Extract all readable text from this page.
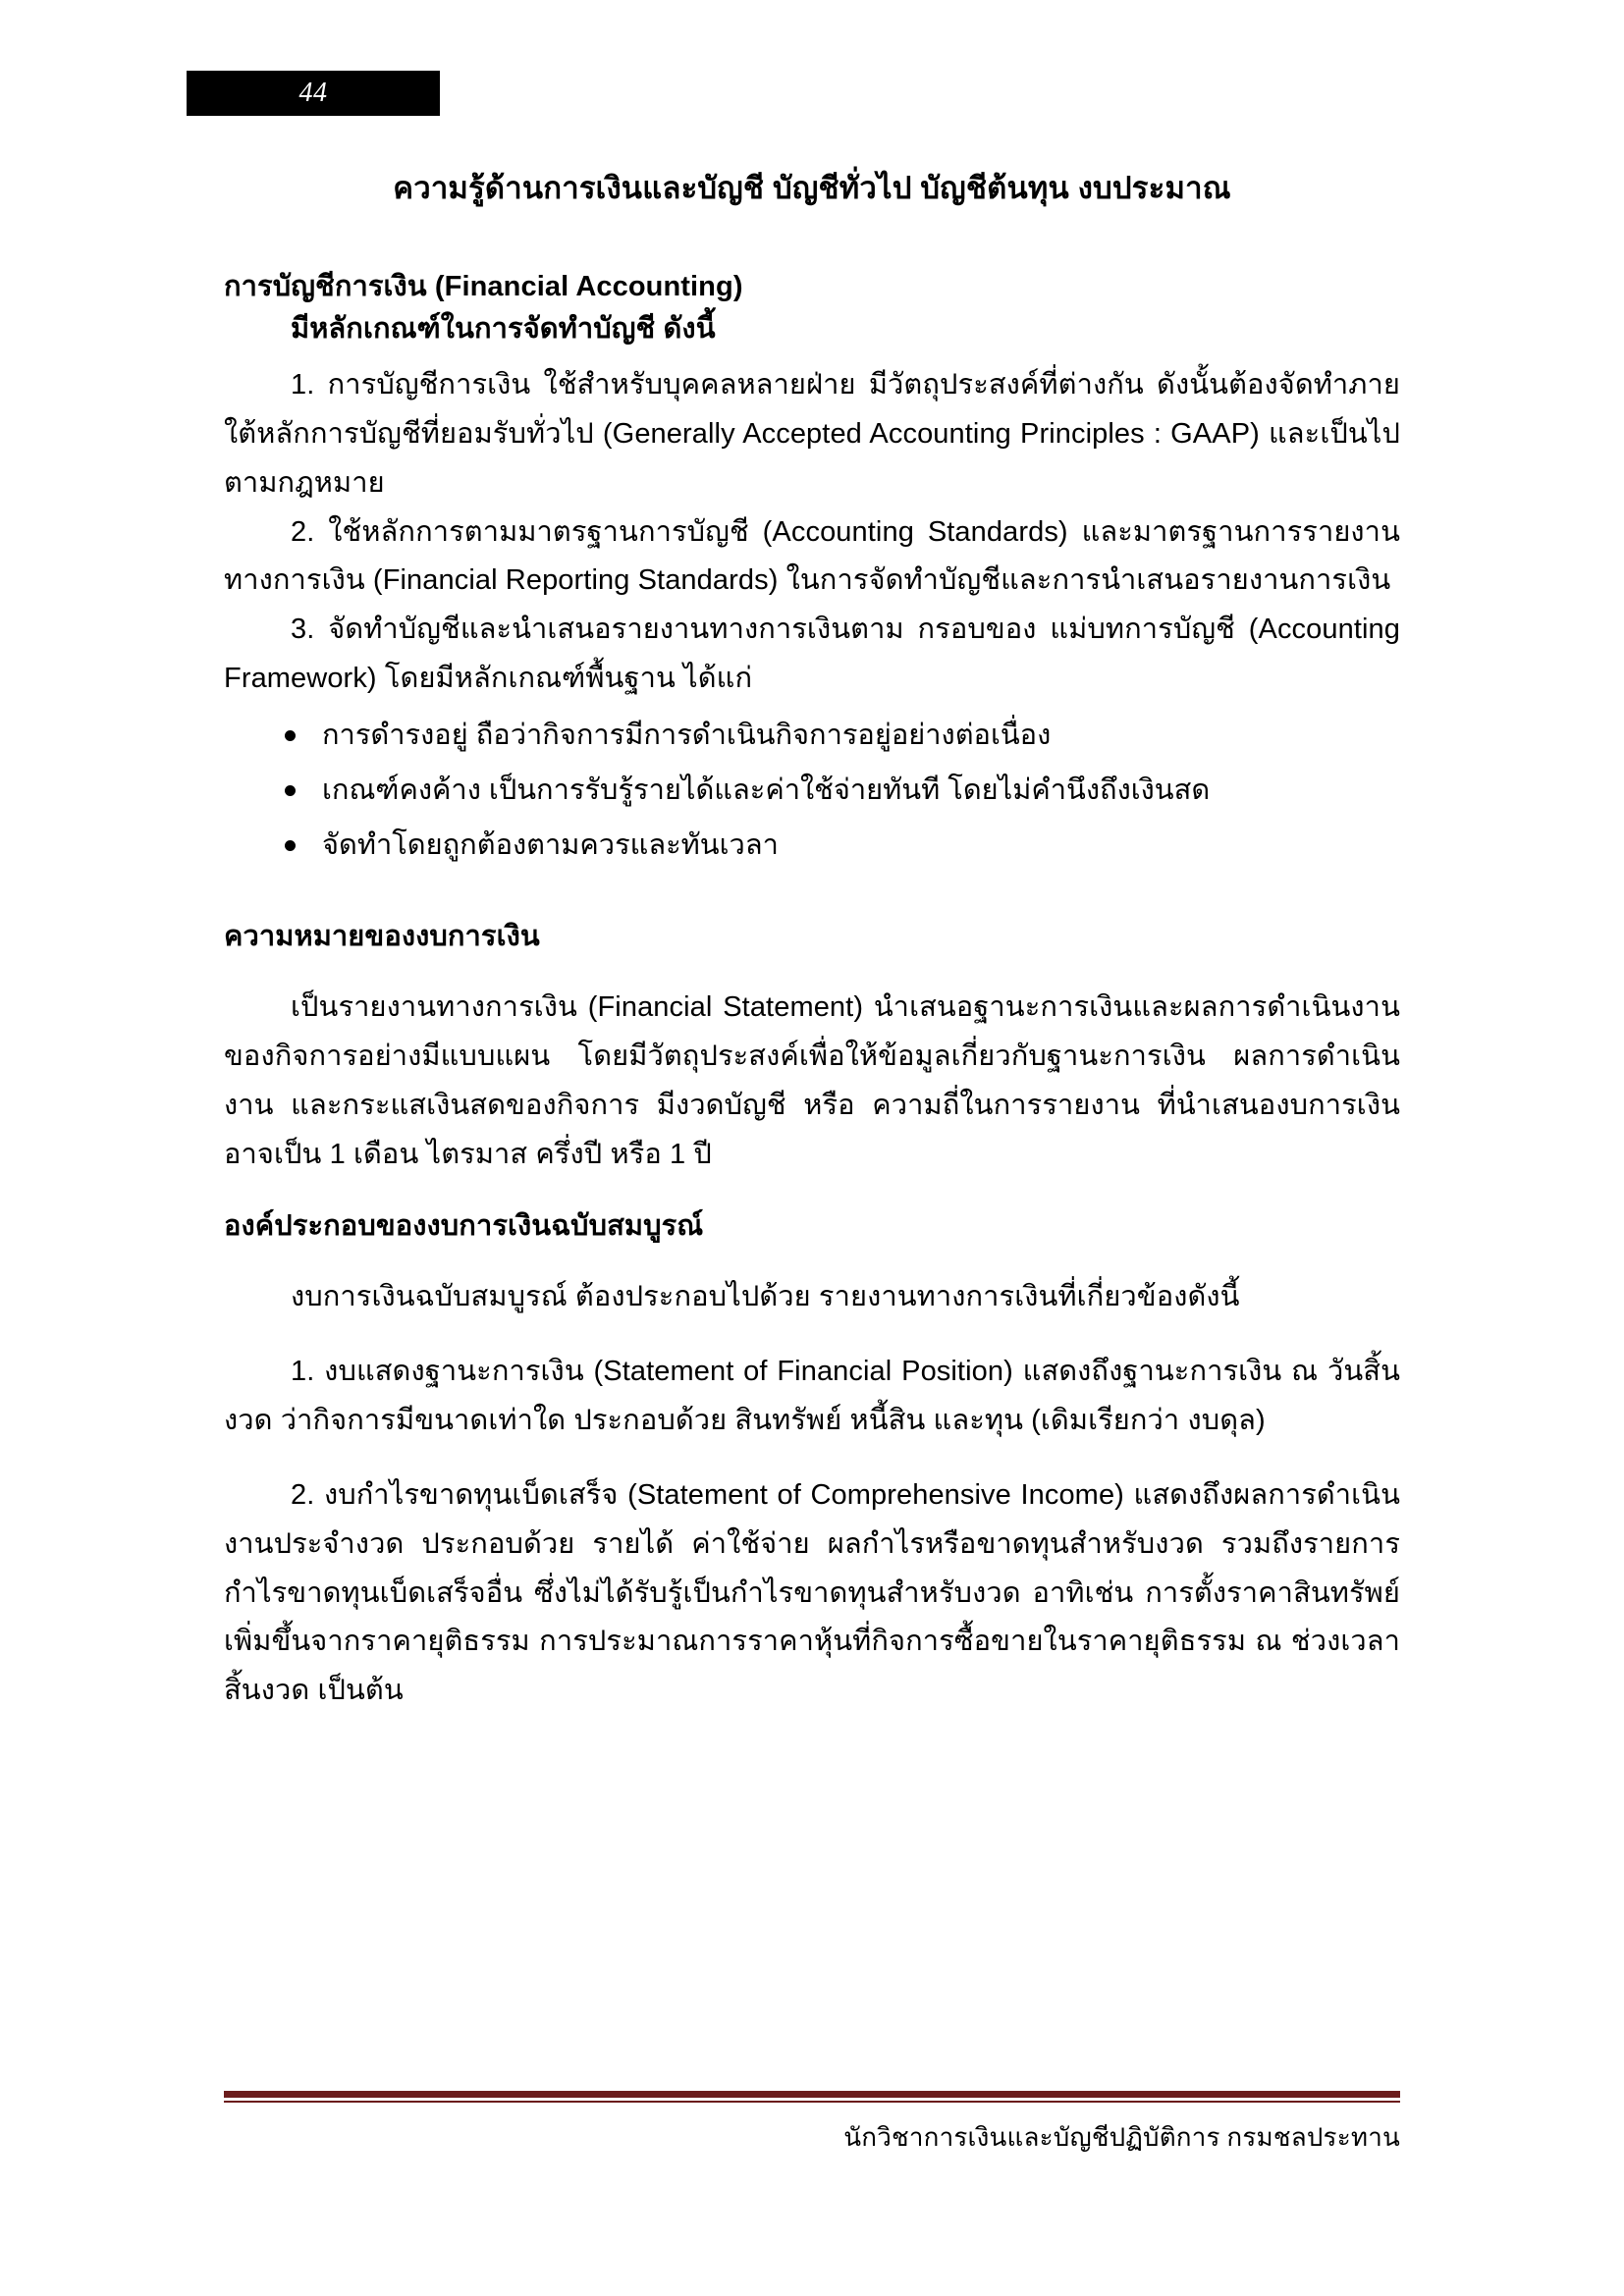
44
ความรู้ด้านการเงินและบัญชี บัญชีทั่วไป บัญชีต้นทุน งบประมาณ
การบัญชีการเงิน (Financial Accounting)
มีหลักเกณฑ์ในการจัดทำบัญชี ดังนี้

1. การบัญชีการเงิน ใช้สำหรับบุคคลหลายฝ่าย มีวัตถุประสงค์ที่ต่างกัน ดังนั้นต้องจัดทำภายใต้หลักการบัญชีที่ยอมรับทั่วไป (Generally Accepted Accounting Principles : GAAP) และเป็นไปตามกฎหมาย

2. ใช้หลักการตามมาตรฐานการบัญชี (Accounting Standards) และมาตรฐานการรายงานทางการเงิน (Financial Reporting Standards) ในการจัดทำบัญชีและการนำเสนอรายงานการเงิน

3. จัดทำบัญชีและนำเสนอรายงานทางการเงินตาม กรอบของ แม่บทการบัญชี (Accounting Framework) โดยมีหลักเกณฑ์พื้นฐาน ได้แก่

การดำรงอยู่ ถือว่ากิจการมีการดำเนินกิจการอยู่อย่างต่อเนื่อง
เกณฑ์คงค้าง เป็นการรับรู้รายได้และค่าใช้จ่ายทันที โดยไม่คำนึงถึงเงินสด
จัดทำโดยถูกต้องตามควรและทันเวลา
ความหมายของงบการเงิน

เป็นรายงานทางการเงิน (Financial Statement) นำเสนอฐานะการเงินและผลการดำเนินงานของกิจการอย่างมีแบบแผน โดยมีวัตถุประสงค์เพื่อให้ข้อมูลเกี่ยวกับฐานะการเงิน ผลการดำเนินงาน และกระแสเงินสดของกิจการ มีงวดบัญชี หรือ ความถี่ในการรายงาน ที่นำเสนองบการเงินอาจเป็น 1 เดือน ไตรมาส ครึ่งปี หรือ 1 ปี

องค์ประกอบของงบการเงินฉบับสมบูรณ์

งบการเงินฉบับสมบูรณ์ ต้องประกอบไปด้วย รายงานทางการเงินที่เกี่ยวข้องดังนี้

1. งบแสดงฐานะการเงิน (Statement of Financial Position) แสดงถึงฐานะการเงิน ณ วันสิ้นงวด ว่ากิจการมีขนาดเท่าใด ประกอบด้วย สินทรัพย์ หนี้สิน และทุน (เดิมเรียกว่า งบดุล)

2. งบกำไรขาดทุนเบ็ดเสร็จ (Statement of Comprehensive Income) แสดงถึงผลการดำเนินงานประจำงวด ประกอบด้วย รายได้ ค่าใช้จ่าย ผลกำไรหรือขาดทุนสำหรับงวด รวมถึงรายการกำไรขาดทุนเบ็ดเสร็จอื่น ซึ่งไม่ได้รับรู้เป็นกำไรขาดทุนสำหรับงวด อาทิเช่น การตั้งราคาสินทรัพย์เพิ่มขึ้นจากราคายุติธรรม การประมาณการราคาหุ้นที่กิจการซื้อขายในราคายุติธรรม ณ ช่วงเวลาสิ้นงวด เป็นต้น

นักวิชาการเงินและบัญชีปฏิบัติการ กรมชลประทาน
